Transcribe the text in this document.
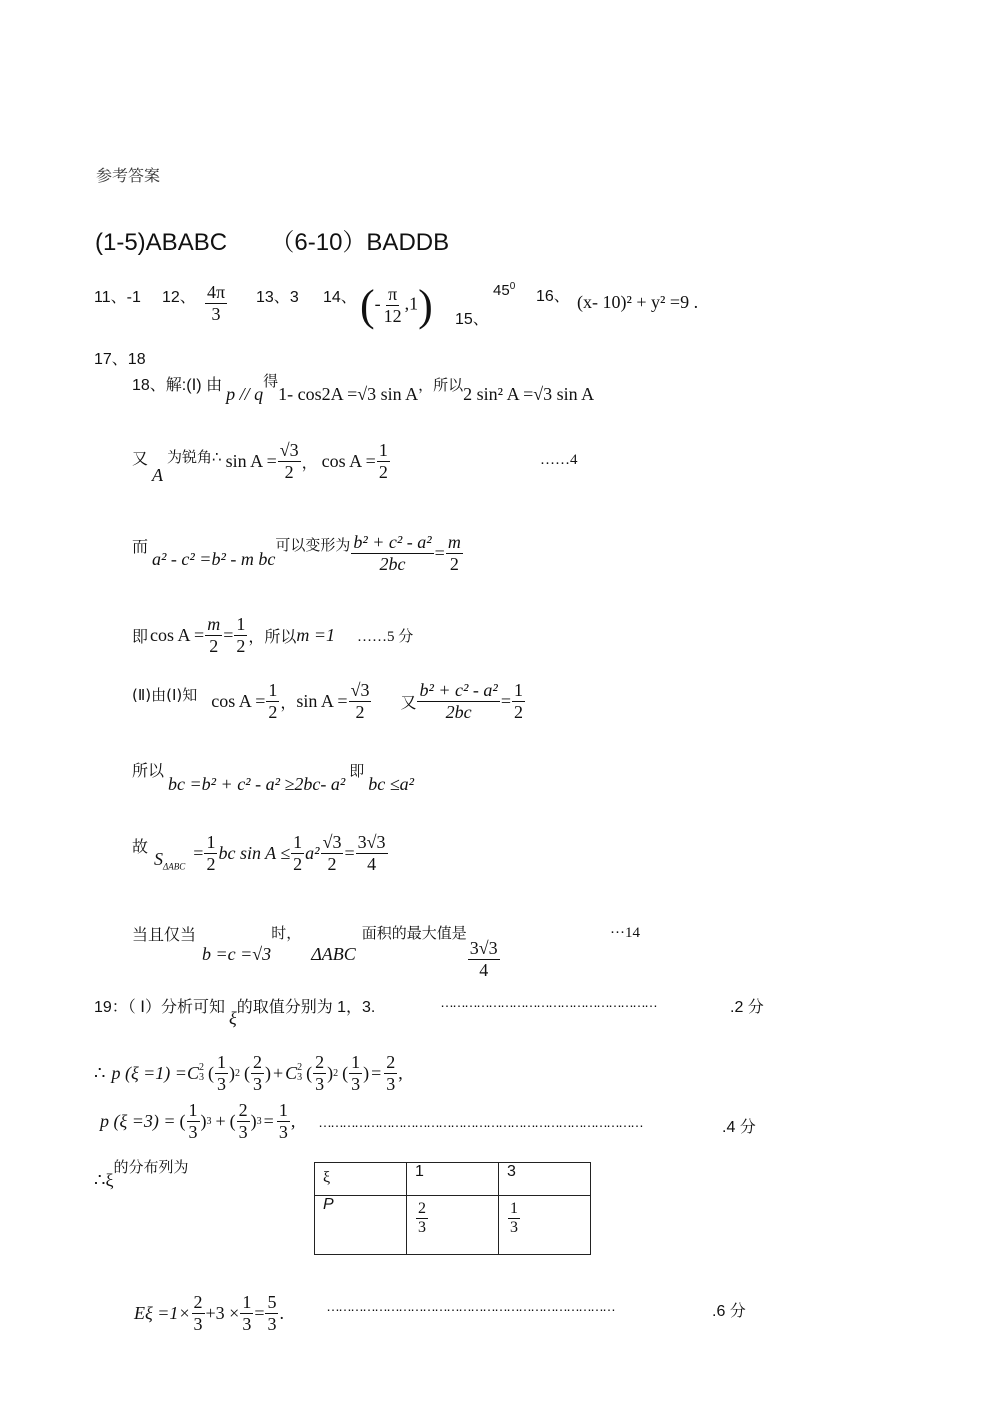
参考答案
(1-5)ABABC （6-10）BADDB
11、-1 12、 $\frac{4\pi}{3} 13$、3 14、 (- $\frac{\pi}{12} ,1$) 15、
$45^0$
16、 (x- 10)² + y² =9 .
17、18
18、解:(Ⅰ) 由 p // q得1- cos2A =√3 sin A，所以2 sin² A =√3 sin A
又
A
为锐角∴ $\sin A = \frac{√3}{2}$ ， $\cos A = \frac{1}{2}$	……4
而
a² - c² =b² - m bc
可以变形为 $\frac{\text{b² + c² - a²}}{2bc} = \frac{m}{2}$
即 $\cos A = \frac{m}{2} = \frac{1}{2}$ ，所以 m =1 ……5 分
(Ⅱ)由(Ⅰ)知 $\cos A = \frac{1}{2}$ ， $\sin A = \frac{√3}{2}$ 又 $\frac{\text{b² + c² - a²}}{2bc} = \frac{1}{2}$
所以 bc =b² + c² - a² ≥2bc- a² 即 bc ≤a²
故
$S_{\Delta ABC}$
= $\frac{1}{2}$ bc $\sin A \le \frac{1}{2} a^2 \frac{√3}{2} = \frac{3√3}{4}$
当且仅当
b =c =√3
时，
ΔABC
面积的最大值是
$\frac{3√3}{4}$
···14
19：（ Ⅰ）分析可知 ξ的取值分别为 1，3.	………………………………………………	.2 分
∴ p (ξ =1) = C 2
3 ( $\frac{1}{3}$ ) 2 ( $\frac{2}{3}$ ) + C 2
3 ( $\frac{2}{3}$ ) 2 ( $\frac{1}{3}$ ) = $\frac{2}{3}$ ,
p (ξ =3) = ( $\frac{1}{3}$ ) 3 + ( $\frac{2}{3}$ ) $3 = \frac{1}{3}$ , ………………………………………………………………………	.4 分
∴ξ的分布列为
ξ	1	3
P	$\frac{2}{3}$	$\frac{1}{3}$
$E\xi =1\times \frac{2}{3} +3 \times \frac{1}{3} = \frac{5}{3}$ .	………………………………………………………………	.6 分
